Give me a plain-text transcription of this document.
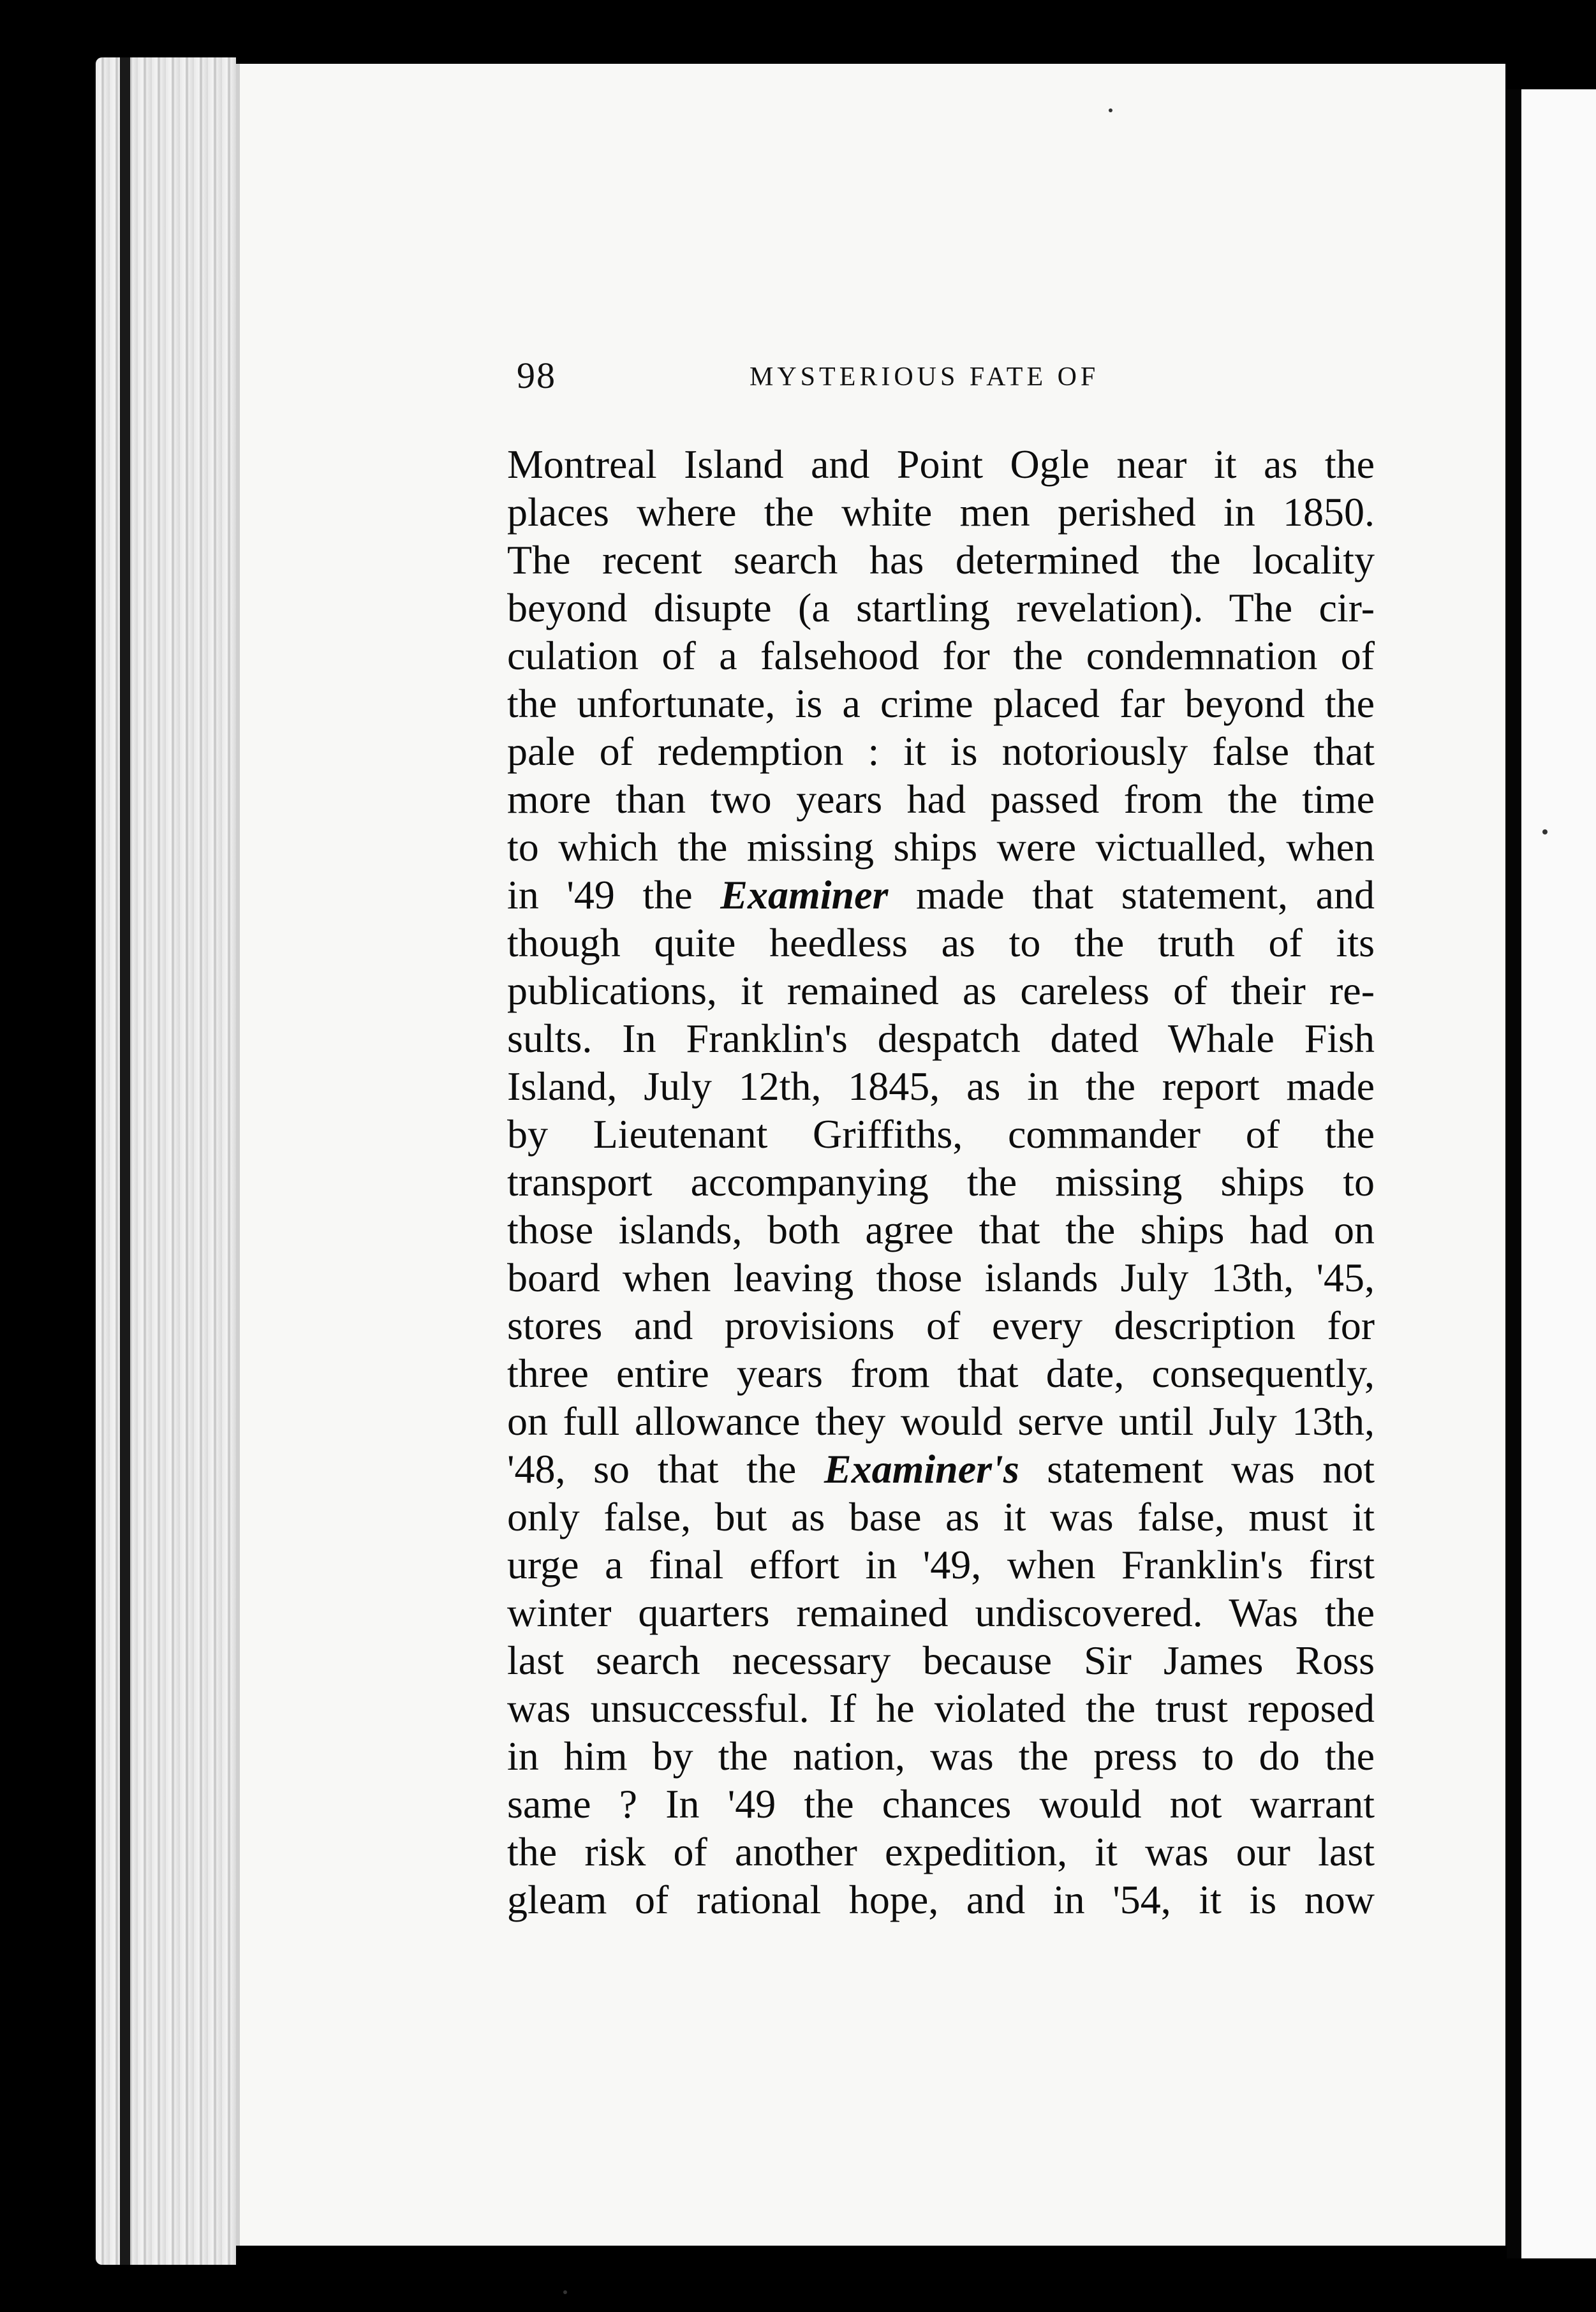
98	MYSTERIOUS FATE OF
Montreal Island and Point Ogle near it as the
places where the white men perished in 1850.
The recent search has determined the locality
beyond disupte (a startling revelation). The cir-
culation of a falsehood for the condemnation of
the unfortunate, is a crime placed far beyond the
pale of redemption : it is notoriously false that
more than two years had passed from the time
to which the missing ships were victualled, when
in '49 the Examiner made that statement, and
though quite heedless as to the truth of its
publications, it remained as careless of their re-
sults. In Franklin's despatch dated Whale Fish
Island, July 12th, 1845, as in the report made
by Lieutenant Griffiths, commander of the
transport accompanying the missing ships to
those islands, both agree that the ships had on
board when leaving those islands July 13th, '45,
stores and provisions of every description for
three entire years from that date, consequently,
on full allowance they would serve until July 13th,
'48, so that the Examiner's statement was not
only false, but as base as it was false, must it
urge a final effort in '49, when Franklin's first
winter quarters remained undiscovered. Was the
last search necessary because Sir James Ross
was unsuccessful. If he violated the trust reposed
in him by the nation, was the press to do the
same ? In '49 the chances would not warrant
the risk of another expedition, it was our last
gleam of rational hope, and in '54, it is now
